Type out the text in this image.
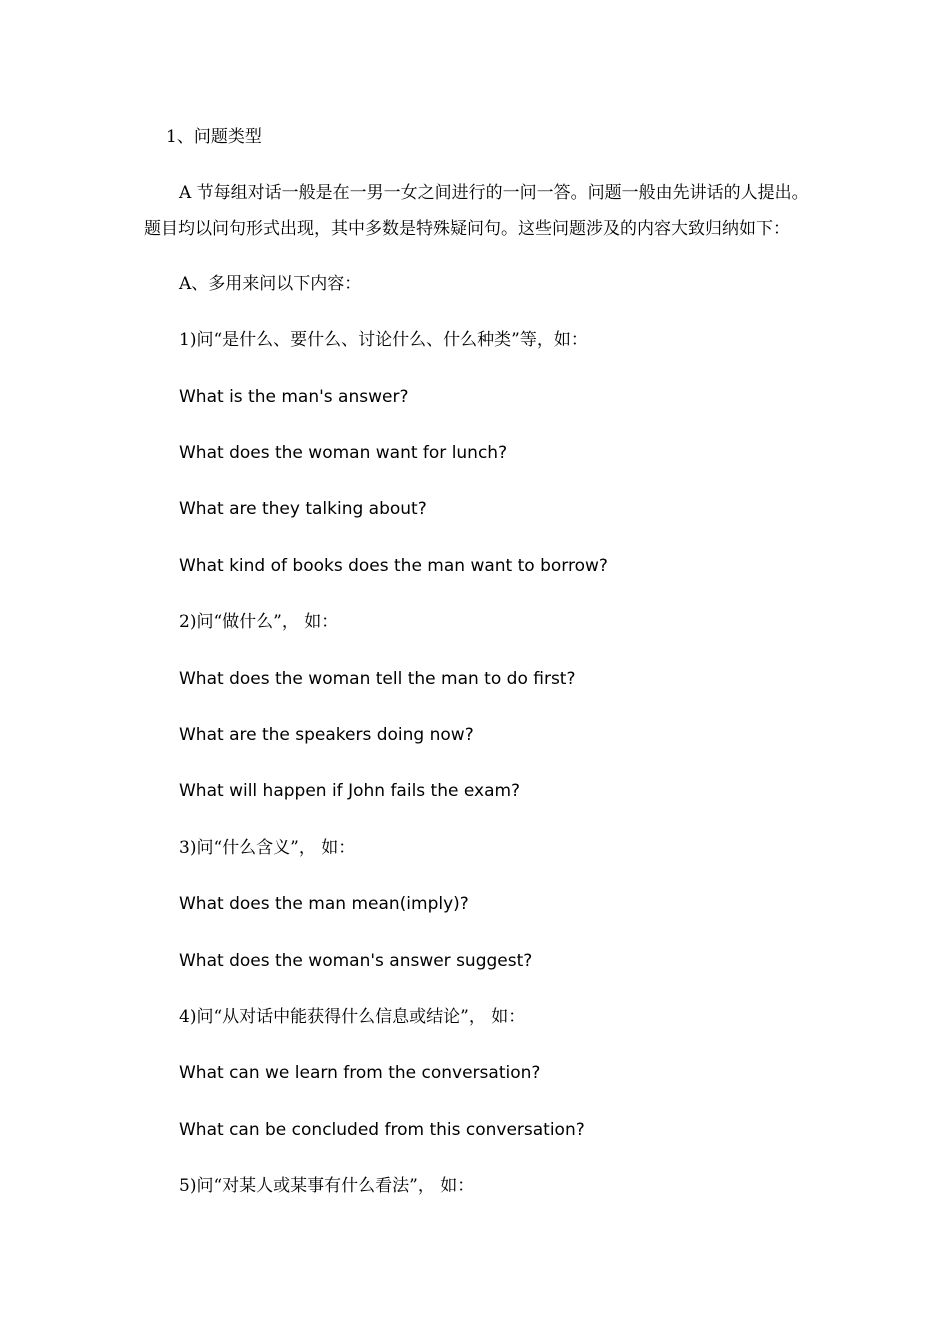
1、问题类型
A 节每组对话一般是在一男一女之间进行的一问一答。问题一般由先讲话的人提出。
题目均以问句形式出现，其中多数是特殊疑问句。这些问题涉及的内容大致归纳如下：
A、多用来问以下内容：
1)问“是什么、要什么、讨论什么、什么种类”等，如：
What is the man's answer?
What does the woman want for lunch?
What are they talking about?
What kind of books does the man want to borrow?
2)问“做什么”， 如：
What does the woman tell the man to do first?
What are the speakers doing now?
What will happen if John fails the exam?
3)问“什么含义”， 如：
What does the man mean(imply)?
What does the woman's answer suggest?
4)问“从对话中能获得什么信息或结论”， 如：
What can we learn from the conversation?
What can be concluded from this conversation?
5)问“对某人或某事有什么看法”， 如：
